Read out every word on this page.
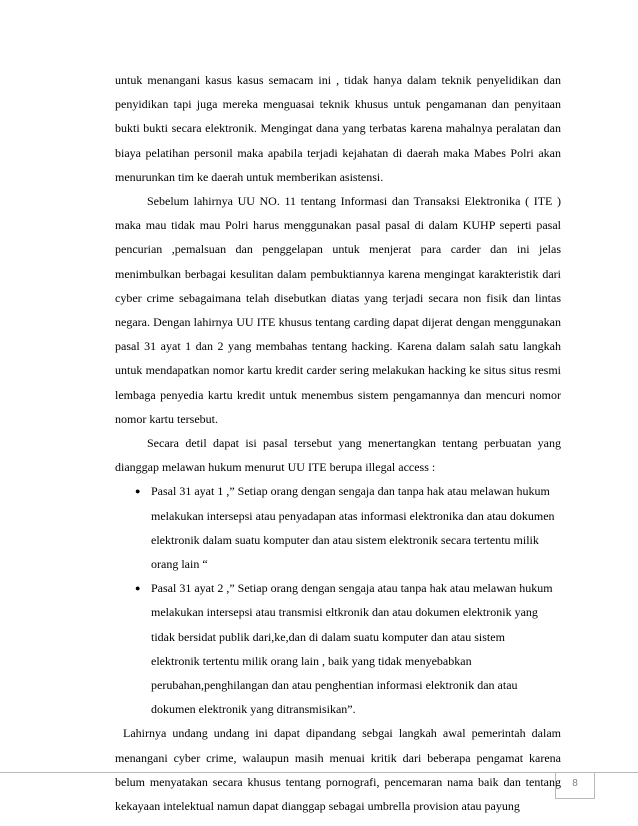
untuk menangani kasus kasus semacam ini , tidak hanya dalam teknik penyelidikan dan penyidikan tapi juga mereka menguasai teknik khusus untuk pengamanan dan penyitaan bukti bukti secara elektronik. Mengingat dana yang terbatas karena mahalnya peralatan dan biaya pelatihan personil maka apabila terjadi kejahatan di daerah maka Mabes Polri akan menurunkan tim ke daerah untuk memberikan asistensi.

Sebelum lahirnya UU NO. 11 tentang Informasi dan Transaksi Elektronika ( ITE ) maka mau tidak mau Polri harus menggunakan pasal pasal di dalam KUHP seperti pasal pencurian ,pemalsuan dan penggelapan untuk menjerat para carder dan ini jelas menimbulkan berbagai kesulitan dalam pembuktiannya karena mengingat karakteristik dari cyber crime sebagaimana telah disebutkan diatas yang terjadi secara non fisik dan lintas negara. Dengan lahirnya UU ITE khusus tentang carding dapat dijerat dengan menggunakan pasal 31 ayat 1 dan 2 yang membahas tentang hacking. Karena dalam salah satu langkah untuk mendapatkan nomor kartu kredit carder sering melakukan hacking ke situs situs resmi lembaga penyedia kartu kredit untuk menembus sistem pengamannya dan mencuri nomor nomor kartu tersebut.

Secara detil dapat isi pasal tersebut yang menertangkan tentang perbuatan yang dianggap melawan hukum menurut UU ITE berupa illegal access :

● Pasal 31 ayat 1 ,” Setiap orang dengan sengaja dan tanpa hak atau melawan hukum melakukan intersepsi atau penyadapan atas informasi elektronika dan atau dokumen elektronik dalam suatu komputer dan atau sistem elektronik secara tertentu milik orang lain “
● Pasal 31 ayat 2 ,” Setiap orang dengan sengaja atau tanpa hak atau melawan hukum melakukan intersepsi atau transmisi eltkronik dan atau dokumen elektronik yang tidak bersidat publik dari,ke,dan di dalam suatu komputer dan atau sistem elektronik tertentu milik orang lain , baik yang tidak menyebabkan perubahan,penghilangan dan atau penghentian informasi elektronik dan atau dokumen elektronik yang ditransmisikan”.

Lahirnya undang undang ini dapat dipandang sebgai langkah awal pemerintah dalam menangani cyber crime, walaupun masih menuai kritik dari beberapa pengamat karena belum menyatakan secara khusus tentang pornografi, pencemaran nama baik dan tentang kekayaan intelektual namun dapat dianggap sebagai umbrella provision atau payung

8
